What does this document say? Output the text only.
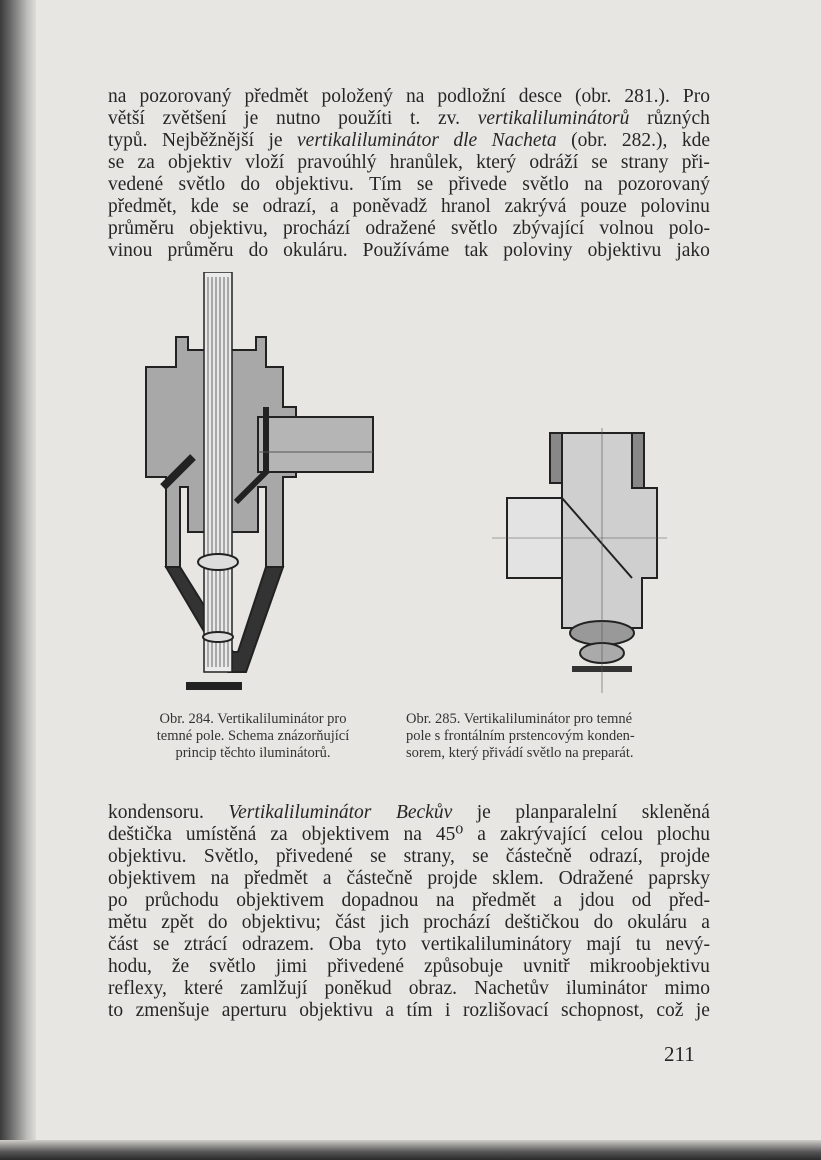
na pozorovaný předmět položený na podložní desce (obr. 281.). Pro
větší zvětšení je nutno použíti t. zv. vertikaliluminátorů různých
typů. Nejběžnější je vertikaliluminátor dle Nacheta (obr. 282.), kde
se za objektiv vloží pravoúhlý hranůlek, který odráží se strany při-
vedené světlo do objektivu. Tím se přivede světlo na pozorovaný
předmět, kde se odrazí, a poněvadž hranol zakrývá pouze polovinu
průměru objektivu, prochází odražené světlo zbývající volnou polo-
vinou průměru do okuláru. Používáme tak poloviny objektivu jako
Obr. 284. Vertikaliluminátor pro
temné pole. Schema znázorňující
princip těchto iluminátorů.
Obr. 285. Vertikaliluminátor pro temné
pole s frontálním prstencovým konden-
sorem, který přivádí světlo na preparát.
kondensoru. Vertikaliluminátor Beckův je planparalelní skleněná
deštička umístěná za objektivem na 45⁰ a zakrývající celou plochu
objektivu. Světlo, přivedené se strany, se částečně odrazí, projde
objektivem na předmět a částečně projde sklem. Odražené paprsky
po průchodu objektivem dopadnou na předmět a jdou od před-
mětu zpět do objektivu; část jich prochází deštičkou do okuláru a
část se ztrácí odrazem. Oba tyto vertikaliluminátory mají tu nevý-
hodu, že světlo jimi přivedené způsobuje uvnitř mikroobjektivu
reflexy, které zamlžují poněkud obraz. Nachetův iluminátor mimo
to zmenšuje aperturu objektivu a tím i rozlišovací schopnost, což je
211
